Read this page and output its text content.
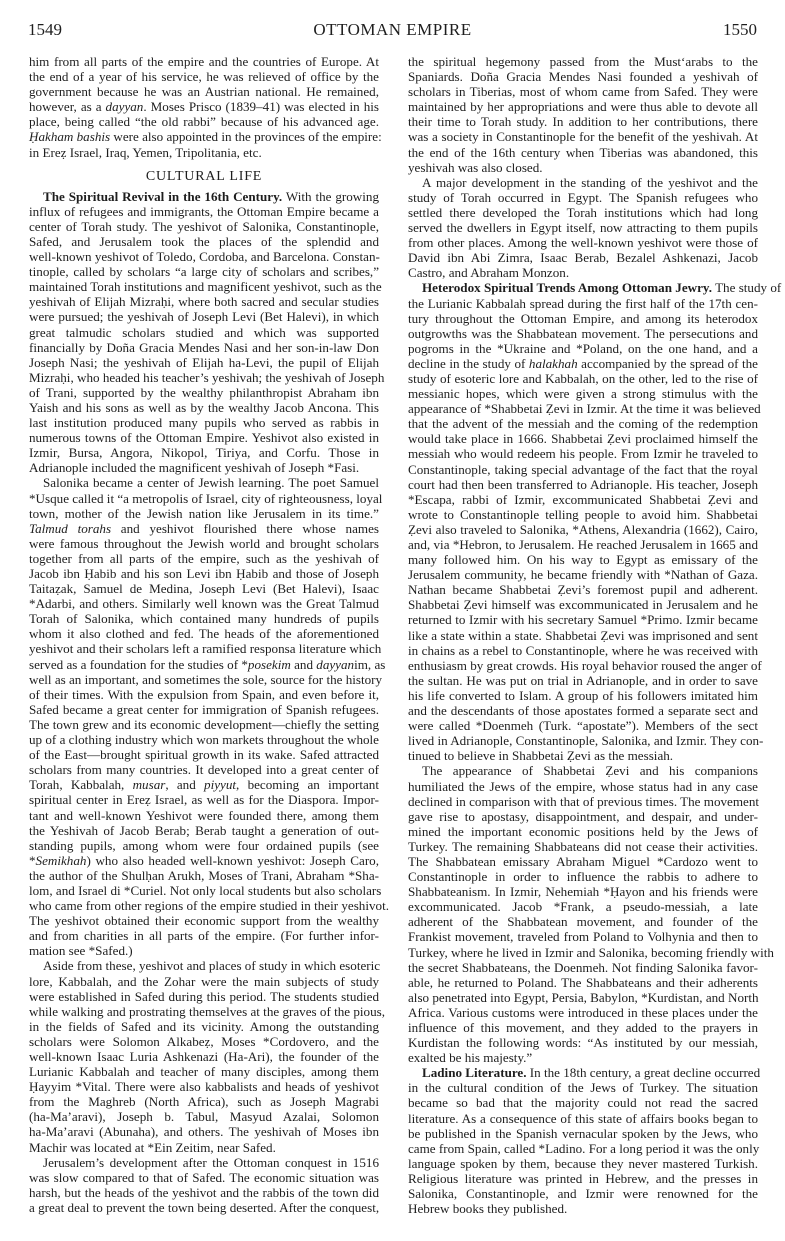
1549	OTTOMAN EMPIRE	1550
him from all parts of the empire and the countries of Europe. At
the end of a year of his service, he was relieved of office by the
government because he was an Austrian national. He remained,
however, as a dayyan. Moses Prisco (1839–41) was elected in his
place, being called “the old rabbi” because of his advanced age.
Ḥakham bashis were also appointed in the provinces of the empire:
in Ereẓ Israel, Iraq, Yemen, Tripolitania, etc.
CULTURAL LIFE
The Spiritual Revival in the 16th Century. With the growing
influx of refugees and immigrants, the Ottoman Empire became a
center of Torah study. The yeshivot of Salonika, Constantinople,
Safed, and Jerusalem took the places of the splendid and
well-known yeshivot of Toledo, Cordoba, and Barcelona. Constan-
tinople, called by scholars “a large city of scholars and scribes,”
maintained Torah institutions and magnificent yeshivot, such as the
yeshivah of Elijah Mizraḥi, where both sacred and secular studies
were pursued; the yeshivah of Joseph Levi (Bet Halevi), in which
great talmudic scholars studied and which was supported
financially by Doña Gracia Mendes Nasi and her son-in-law Don
Joseph Nasi; the yeshivah of Elijah ha-Levi, the pupil of Elijah
Mizraḥi, who headed his teacher’s yeshivah; the yeshivah of Joseph
of Trani, supported by the wealthy philanthropist Abraham ibn
Yaish and his sons as well as by the wealthy Jacob Ancona. This
last institution produced many pupils who served as rabbis in
numerous towns of the Ottoman Empire. Yeshivot also existed in
Izmir, Bursa, Angora, Nikopol, Tiriya, and Corfu. Those in
Adrianople included the magnificent yeshivah of Joseph *Fasi.
Salonika became a center of Jewish learning. The poet Samuel
*Usque called it “a metropolis of Israel, city of righteousness, loyal
town, mother of the Jewish nation like Jerusalem in its time.”
Talmud torahs and yeshivot flourished there whose names
were famous throughout the Jewish world and brought scholars
together from all parts of the empire, such as the yeshivah of
Jacob ibn Ḥabib and his son Levi ibn Ḥabib and those of Joseph
Taitaẓak, Samuel de Medina, Joseph Levi (Bet Halevi), Isaac
*Adarbi, and others. Similarly well known was the Great Talmud
Torah of Salonika, which contained many hundreds of pupils
whom it also clothed and fed. The heads of the aforementioned
yeshivot and their scholars left a ramified responsa literature which
served as a foundation for the studies of *posekim and dayyanim, as
well as an important, and sometimes the sole, source for the history
of their times. With the expulsion from Spain, and even before it,
Safed became a great center for immigration of Spanish refugees.
The town grew and its economic development—chiefly the setting
up of a clothing industry which won markets throughout the whole
of the East—brought spiritual growth in its wake. Safed attracted
scholars from many countries. It developed into a great center of
Torah, Kabbalah, musar, and piyyut, becoming an important
spiritual center in Ereẓ Israel, as well as for the Diaspora. Impor-
tant and well-known Yeshivot were founded there, among them
the Yeshivah of Jacob Berab; Berab taught a generation of out-
standing pupils, among whom were four ordained pupils (see
*Semikhah) who also headed well-known yeshivot: Joseph Caro,
the author of the Shulḥan Arukh, Moses of Trani, Abraham *Sha-
lom, and Israel di *Curiel. Not only local students but also scholars
who came from other regions of the empire studied in their yeshivot.
The yeshivot obtained their economic support from the wealthy
and from charities in all parts of the empire. (For further infor-
mation see *Safed.)
Aside from these, yeshivot and places of study in which esoteric
lore, Kabbalah, and the Zohar were the main subjects of study
were established in Safed during this period. The students studied
while walking and prostrating themselves at the graves of the pious,
in the fields of Safed and its vicinity. Among the outstanding
scholars were Solomon Alkabeẓ, Moses *Cordovero, and the
well-known Isaac Luria Ashkenazi (Ha-Ari), the founder of the
Lurianic Kabbalah and teacher of many disciples, among them
Ḥayyim *Vital. There were also kabbalists and heads of yeshivot
from the Maghreb (North Africa), such as Joseph Magrabi
(ha-Ma’aravi), Joseph b. Tabul, Masyud Azalai, Solomon
ha-Ma’aravi (Abunaha), and others. The yeshivah of Moses ibn
Machir was located at *Ein Zeitim, near Safed.
Jerusalem’s development after the Ottoman conquest in 1516
was slow compared to that of Safed. The economic situation was
harsh, but the heads of the yeshivot and the rabbis of the town did
a great deal to prevent the town being deserted. After the conquest,
the spiritual hegemony passed from the Must‘arabs to the
Spaniards. Doña Gracia Mendes Nasi founded a yeshivah of
scholars in Tiberias, most of whom came from Safed. They were
maintained by her appropriations and were thus able to devote all
their time to Torah study. In addition to her contributions, there
was a society in Constantinople for the benefit of the yeshivah. At
the end of the 16th century when Tiberias was abandoned, this
yeshivah was also closed.
A major development in the standing of the yeshivot and the
study of Torah occurred in Egypt. The Spanish refugees who
settled there developed the Torah institutions which had long
served the dwellers in Egypt itself, now attracting to them pupils
from other places. Among the well-known yeshivot were those of
David ibn Abi Zimra, Isaac Berab, Bezalel Ashkenazi, Jacob
Castro, and Abraham Monzon.
Heterodox Spiritual Trends Among Ottoman Jewry. The study of
the Lurianic Kabbalah spread during the first half of the 17th cen-
tury throughout the Ottoman Empire, and among its heterodox
outgrowths was the Shabbatean movement. The persecutions and
pogroms in the *Ukraine and *Poland, on the one hand, and a
decline in the study of halakhah accompanied by the spread of the
study of esoteric lore and Kabbalah, on the other, led to the rise of
messianic hopes, which were given a strong stimulus with the
appearance of *Shabbetai Ẓevi in Izmir. At the time it was believed
that the advent of the messiah and the coming of the redemption
would take place in 1666. Shabbetai Ẓevi proclaimed himself the
messiah who would redeem his people. From Izmir he traveled to
Constantinople, taking special advantage of the fact that the royal
court had then been transferred to Adrianople. His teacher, Joseph
*Escapa, rabbi of Izmir, excommunicated Shabbetai Ẓevi and
wrote to Constantinople telling people to avoid him. Shabbetai
Ẓevi also traveled to Salonika, *Athens, Alexandria (1662), Cairo,
and, via *Hebron, to Jerusalem. He reached Jerusalem in 1665 and
many followed him. On his way to Egypt as emissary of the
Jerusalem community, he became friendly with *Nathan of Gaza.
Nathan became Shabbetai Ẓevi’s foremost pupil and adherent.
Shabbetai Ẓevi himself was excommunicated in Jerusalem and he
returned to Izmir with his secretary Samuel *Primo. Izmir became
like a state within a state. Shabbetai Ẓevi was imprisoned and sent
in chains as a rebel to Constantinople, where he was received with
enthusiasm by great crowds. His royal behavior roused the anger of
the sultan. He was put on trial in Adrianople, and in order to save
his life converted to Islam. A group of his followers imitated him
and the descendants of those apostates formed a separate sect and
were called *Doenmeh (Turk. “apostate”). Members of the sect
lived in Adrianople, Constantinople, Salonika, and Izmir. They con-
tinued to believe in Shabbetai Ẓevi as the messiah.
The appearance of Shabbetai Ẓevi and his companions
humiliated the Jews of the empire, whose status had in any case
declined in comparison with that of previous times. The movement
gave rise to apostasy, disappointment, and despair, and under-
mined the important economic positions held by the Jews of
Turkey. The remaining Shabbateans did not cease their activities.
The Shabbatean emissary Abraham Miguel *Cardozo went to
Constantinople in order to influence the rabbis to adhere to
Shabbateanism. In Izmir, Nehemiah *Ḥayon and his friends were
excommunicated. Jacob *Frank, a pseudo-messiah, a late
adherent of the Shabbatean movement, and founder of the
Frankist movement, traveled from Poland to Volhynia and then to
Turkey, where he lived in Izmir and Salonika, becoming friendly with
the secret Shabbateans, the Doenmeh. Not finding Salonika favor-
able, he returned to Poland. The Shabbateans and their adherents
also penetrated into Egypt, Persia, Babylon, *Kurdistan, and North
Africa. Various customs were introduced in these places under the
influence of this movement, and they added to the prayers in
Kurdistan the following words: “As instituted by our messiah,
exalted be his majesty.”
Ladino Literature. In the 18th century, a great decline occurred
in the cultural condition of the Jews of Turkey. The situation
became so bad that the majority could not read the sacred
literature. As a consequence of this state of affairs books began to
be published in the Spanish vernacular spoken by the Jews, who
came from Spain, called *Ladino. For a long period it was the only
language spoken by them, because they never mastered Turkish.
Religious literature was printed in Hebrew, and the presses in
Salonika, Constantinople, and Izmir were renowned for the
Hebrew books they published.
